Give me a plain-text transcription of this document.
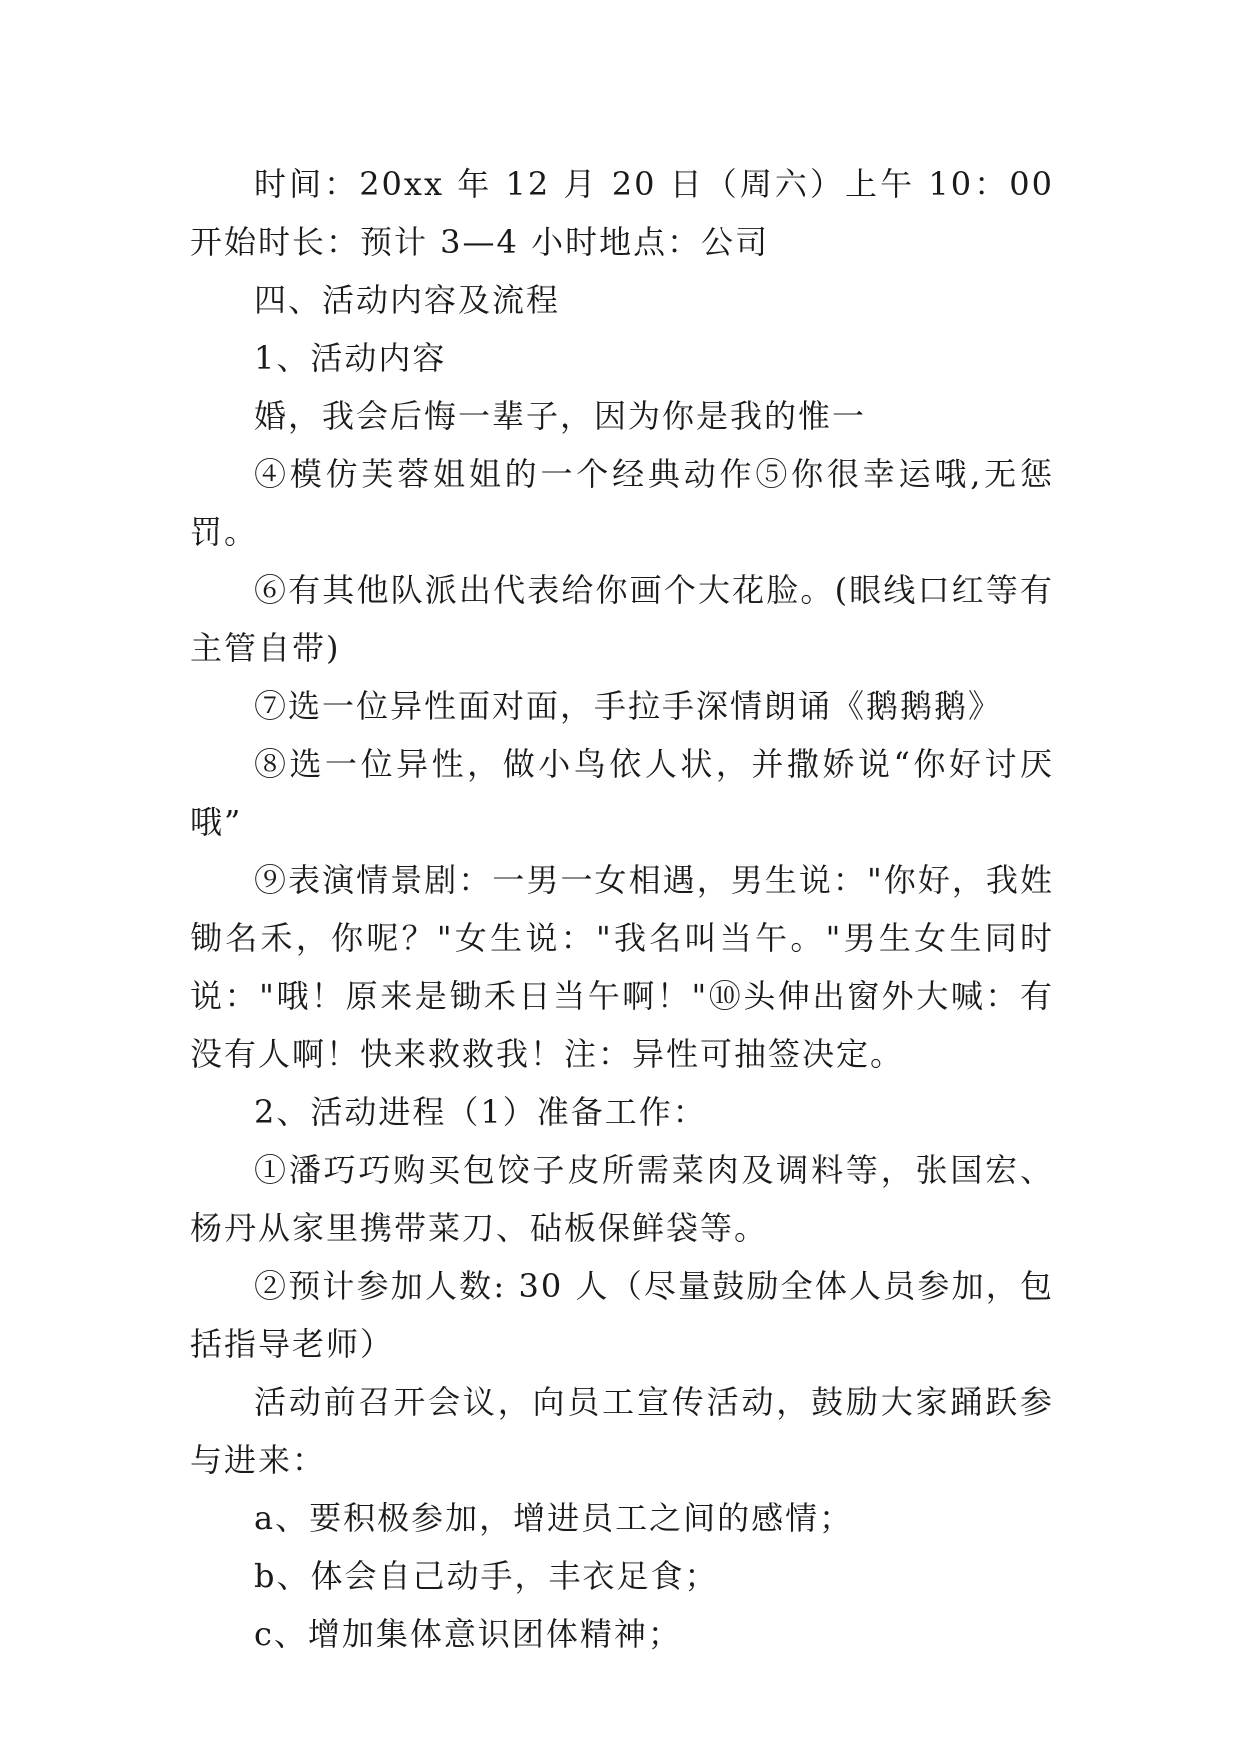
时间：20xx 年 12 月 20 日（周六）上午 10：00 开始时长：预计 3—4 小时地点：公司

四、活动内容及流程

1、活动内容

婚，我会后悔一辈子，因为你是我的惟一

④模仿芙蓉姐姐的一个经典动作⑤你很幸运哦,无惩罚。

⑥有其他队派出代表给你画个大花脸。(眼线口红等有主管自带)

⑦选一位异性面对面，手拉手深情朗诵《鹅鹅鹅》

⑧选一位异性，做小鸟依人状，并撒娇说“你好讨厌哦”

⑨表演情景剧：一男一女相遇，男生说："你好，我姓锄名禾，你呢？"女生说："我名叫当午。"男生女生同时说："哦！原来是锄禾日当午啊！"⑩头伸出窗外大喊：有没有人啊！快来救救我！注：异性可抽签决定。

2、活动进程（1）准备工作：

①潘巧巧购买包饺子皮所需菜肉及调料等，张国宏、杨丹从家里携带菜刀、砧板保鲜袋等。

②预计参加人数: 30 人（尽量鼓励全体人员参加，包括指导老师）

活动前召开会议，向员工宣传活动，鼓励大家踊跃参与进来：

a、要积极参加，增进员工之间的感情；

b、体会自己动手，丰衣足食；

c、增加集体意识团体精神；
